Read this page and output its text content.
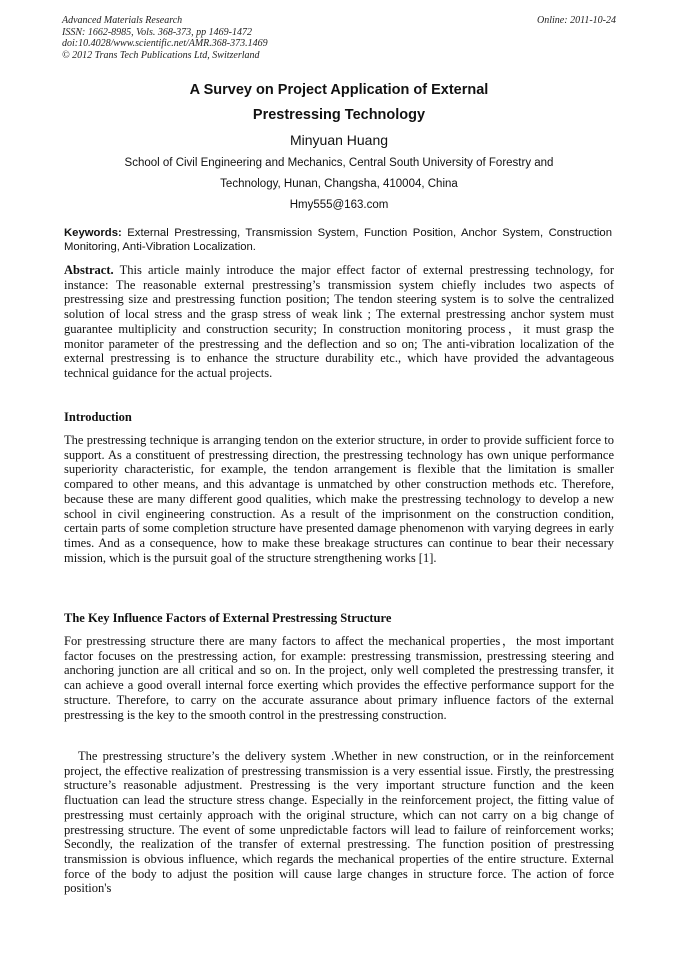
Advanced Materials Research
ISSN: 1662-8985, Vols. 368-373, pp 1469-1472
doi:10.4028/www.scientific.net/AMR.368-373.1469
© 2012 Trans Tech Publications Ltd, Switzerland
Online: 2011-10-24
A Survey on Project Application of External
Prestressing Technology
Minyuan Huang
School of Civil Engineering and Mechanics, Central South University of Forestry and
Technology, Hunan, Changsha, 410004, China
Hmy555@163.com
Keywords: External Prestressing, Transmission System, Function Position, Anchor System, Construction Monitoring, Anti-Vibration Localization.
Abstract. This article mainly introduce the major effect factor of external prestressing technology, for instance: The reasonable external prestressing’s transmission system chiefly includes two aspects of prestressing size and prestressing function position; The tendon steering system is to solve the centralized solution of local stress and the grasp stress of weak link ; The external prestressing anchor system must guarantee multiplicity and construction security; In construction monitoring process，it must grasp the monitor parameter of the prestressing and the deflection and so on; The anti-vibration localization of the external prestressing is to enhance the structure durability etc., which have provided the advantageous technical guidance for the actual projects.
Introduction
The prestressing technique is arranging tendon on the exterior structure, in order to provide sufficient force to support. As a constituent of prestressing direction, the prestressing technology has own unique performance superiority characteristic, for example, the tendon arrangement is flexible that the limitation is smaller compared to other means, and this advantage is unmatched by other construction methods etc. Therefore, because these are many different good qualities, which make the prestressing technology to develop a new school in civil engineering construction. As a result of the imprisonment on the construction condition, certain parts of some completion structure have presented damage phenomenon with varying degrees in early times. And as a consequence, how to make these breakage structures can continue to bear their necessary mission, which is the pursuit goal of the structure strengthening works [1].
The Key Influence Factors of External Prestressing Structure
For prestressing structure there are many factors to affect the mechanical properties，the most important factor focuses on the prestressing action, for example: prestressing transmission, prestressing steering and anchoring junction are all critical and so on. In the project, only well completed the prestressing transfer, it can achieve a good overall internal force exerting which provides the effective performance support for the structure. Therefore, to carry on the accurate assurance about primary influence factors of the external prestressing is the key to the smooth control in the prestressing construction.
The prestressing structure’s the delivery system .Whether in new construction, or in the reinforcement project, the effective realization of prestressing transmission is a very essential issue. Firstly, the prestressing structure’s reasonable adjustment. Prestressing is the very important structure function and the keen fluctuation can lead the structure stress change. Especially in the reinforcement project, the fitting value of prestressing must certainly approach with the original structure, which can not carry on a big change of prestressing structure. The event of some unpredictable factors will lead to failure of reinforcement works; Secondly, the realization of the transfer of external prestressing. The function position of prestressing transmission is obvious influence, which regards the mechanical properties of the entire structure. External force of the body to adjust the position will cause large changes in structure force. The action of force position's
